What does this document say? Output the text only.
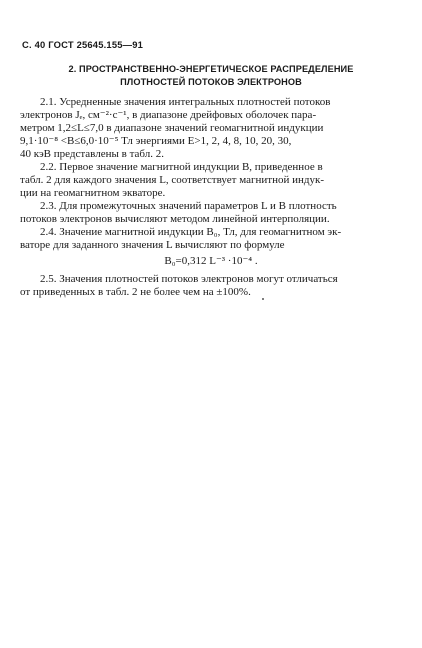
С. 40 ГОСТ 25645.155—91
2. ПРОСТРАНСТВЕННО-ЭНЕРГЕТИЧЕСКОЕ РАСПРЕДЕЛЕНИЕ
ПЛОТНОСТЕЙ ПОТОКОВ ЭЛЕКТРОНОВ
2.1. Усредненные значения интегральных плотностей потоков
электронов Jₑ, см⁻²·с⁻¹, в диапазоне дрейфовых оболочек пара-
метром 1,2≤L≤7,0 в диапазоне значений геомагнитной индукции
9,1·10⁻⁸ <B≤6,0·10⁻⁵ Тл энергиями E>1, 2, 4, 8, 10, 20, 30,
40 кэВ представлены в табл. 2.
2.2. Первое значение магнитной индукции В, приведенное в
табл. 2 для каждого значения L, соответствует магнитной индук-
ции на геомагнитном экваторе.
2.3. Для промежуточных значений параметров L и В плотность
потоков электронов вычисляют методом линейной интерполяции.
2.4. Значение магнитной индукции В₀, Тл, для геомагнитном эк-
ваторе для заданного значения L вычисляют по формуле
В₀=0,312 L⁻³ ·10⁻⁴ .
2.5. Значения плотностей потоков электронов могут отличаться
от приведенных в табл. 2 не более чем на ±100%.
